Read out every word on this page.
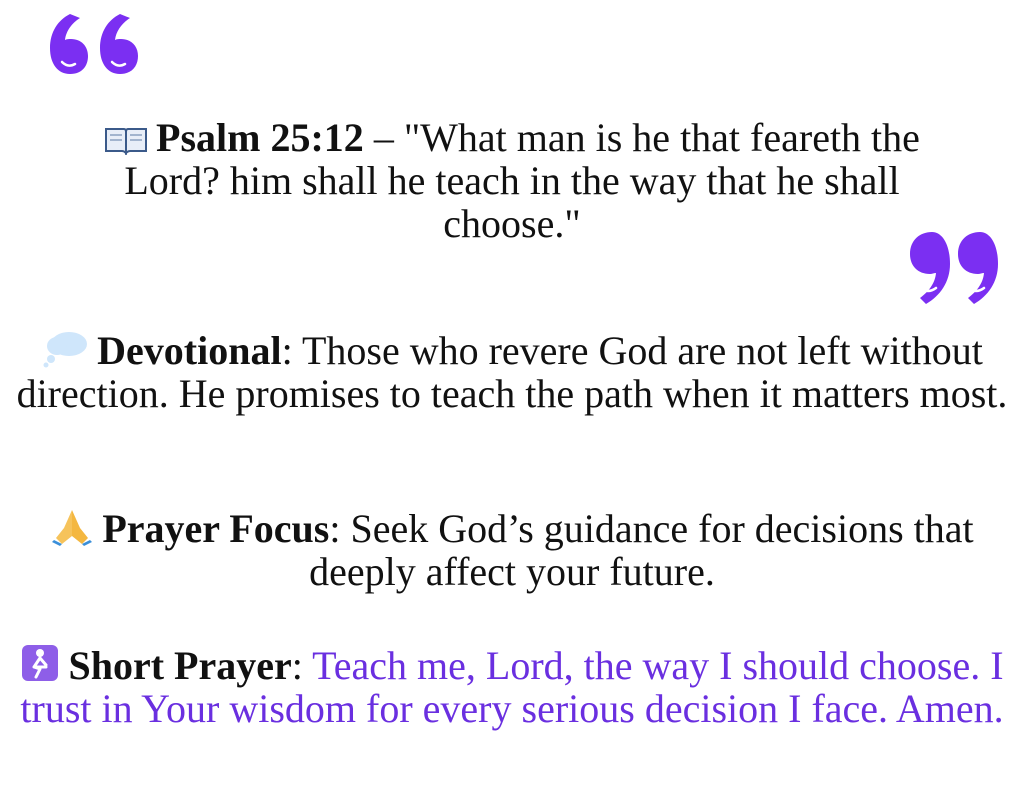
Psalm 25:12 – "What man is he that feareth the Lord? him shall he teach in the way that he shall choose."
Devotional: Those who revere God are not left without direction. He promises to teach the path when it matters most.
Prayer Focus: Seek God’s guidance for decisions that deeply affect your future.
Short Prayer: Teach me, Lord, the way I should choose. I trust in Your wisdom for every serious decision I face. Amen.
